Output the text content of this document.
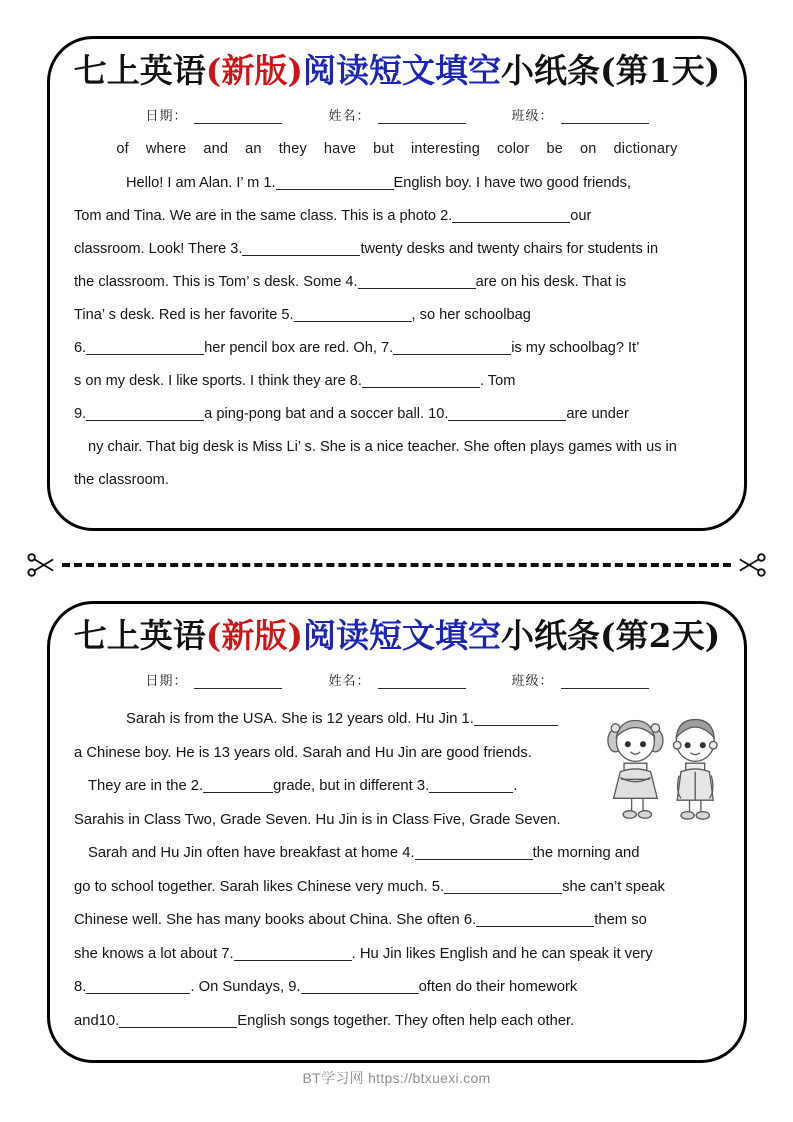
七上英语(新版)阅读短文填空小纸条(第1天)
日期：	姓名：	班级：
of where and an they have but interesting color be on dictionary
Hello! I am Alan. I’ m 1.	English boy. I have two good friends,
Tom and Tina. We are in the same class. This is a photo 2.	our
classroom. Look! There 3.	twenty desks and twenty chairs for students in
the classroom. This is Tom’ s desk. Some 4.	are on his desk. That is
Tina’ s desk. Red is her favorite 5.	, so her schoolbag
6.	her pencil box are red. Oh, 7.	is my schoolbag? It’
s on my desk. I like sports. I think they are 8.	. Tom
9.	a ping-pong bat and a soccer ball. 10.	are under
ny chair. That big desk is Miss Li’ s. She is a nice teacher. She often plays games with us in
the classroom.
七上英语(新版)阅读短文填空小纸条(第2天)
日期：	姓名：	班级：
Sarah is from the USA. She is 12 years old. Hu Jin 1.
a Chinese boy. He is 13 years old. Sarah and Hu Jin are good friends.
They are in the 2.	grade, but in different 3.	.
Sarahis in Class Two, Grade Seven. Hu Jin is in Class Five, Grade Seven.
Sarah and Hu Jin often have breakfast at home 4.	the morning and
go to school together. Sarah likes Chinese very much. 5.	she can’t speak
Chinese well. She has many books about China. She often 6.	them so
she knows a lot about 7.	. Hu Jin likes English and he can speak it very
8.	. On Sundays, 9.	often do their homework
and10.	English songs together. They often help each other.
BT学习网 https://btxuexi.com
